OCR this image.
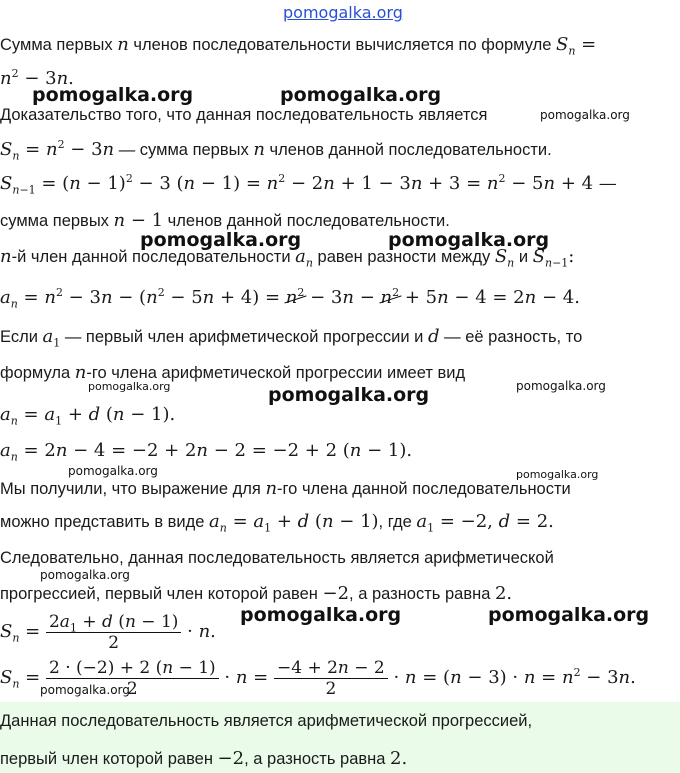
pomogalka.org
Сумма первых n членов последовательности вычисляется по формуле $S_n$ =
$n^2 - 3n$.
Доказательство того, что данная последовательность является
$S_n = n^2 - 3n$ — сумма первых n членов данной последовательности.
$S_{n-1} = (n - 1)^2 - 3$ $(n - 1) = n^2 - 2n + 1 - 3n + 3 = n^2 - 5n + 4$ —
сумма первых n − 1 членов данной последовательности.
n-й член данной последовательности $a_n$ равен разности между $S_n$ и $S_{n-1}$:
$a_n = n^2 - 3n - (n^2 - 5n + 4) = n^2 - 3n - n^2 + 5n - 4 = 2n - 4$.
Если $a_1$ — первый член арифметической прогрессии и d — её разность, то
формула n-го члена арифметической прогрессии имеет вид
$a_n = a_1 + d$ (n − 1).
$a_n = 2n - 4 = -2 + 2n - 2 = -2 + 2$ (n − 1).
Мы получили, что выражение для n-го члена данной последовательности
можно представить в виде $a_n = a_1 + d$ (n − 1), где $a_1 = -2$, d = 2.
Следовательно, данная последовательность является арифметической
прогрессией, первый член которой равен −2, а разность равна 2.
$S_n = \frac{2a_1 + d (n - 1)}{2} \cdot n$.
$S_n = \frac{2 \cdot (-2) + 2 (n - 1)}{2} \cdot n = \frac{-4 + 2n - 2}{2} \cdot n = (n - 3) \cdot n = n^2 - 3n$.
Данная последовательность является арифметической прогрессией,
первый член которой равен −2, а разность равна 2.
pomogalka.org	pomogalka.org
pomogalka.org
pomogalka.org	pomogalka.org
pomogalka.org	pomogalka.org	pomogalka.org
pomogalka.org	pomogalka.org
pomogalka.org
pomogalka.org	pomogalka.org
pomogalka.org
